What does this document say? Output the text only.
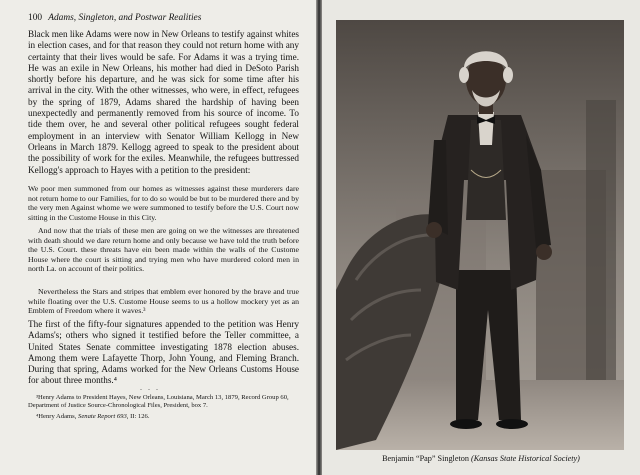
100 Adams, Singleton, and Postwar Realities

Black men like Adams were now in New Orleans to testify against whites in election cases, and for that reason they could not return home with any certainty that their lives would be safe. For Adams it was a trying time. He was an exile in New Orleans, his mother had died in DeSoto Parish shortly before his departure, and he was sick for some time after his arrival in the city. With the other witnesses, who were, in effect, refugees by the spring of 1879, Adams shared the hardship of having been unexpectedly and permanently removed from his source of income. To tide them over, he and several other political refugees sought federal employment in an interview with Senator William Kellogg in New Orleans in March 1879. Kellogg agreed to speak to the president about the possibility of work for the exiles. Meanwhile, the refugees buttressed Kellogg's approach to Hayes with a petition to the president:

We poor men summoned from our homes as witnesses against these murderers dare not return home to our Families, for to do so would be but to be murdered there and by the very men Against whome we were summoned to testify before the U.S. Court now sitting in the Custome House in this City.

And now that the trials of these men are going on we the witnesses are threatened with death should we dare return home and only because we have told the truth before the U.S. Court. these threats have ein been made within the walls of the Custome House where the court is sitting and trying men who have murdered colord men in north La. on account of their politics.

Nevertheless the Stars and stripes that emblem ever honored by the brave and true while floating over the U.S. Custome House seems to us a hollow mockery yet as an Emblem of Freedom where it waves.³

The first of the fifty-four signatures appended to the petition was Henry Adams's; others who signed it testified before the Teller committee, a United States Senate committee investigating 1878 election abuses. Among them were Lafayette Thorp, John Young, and Fleming Branch. During that spring, Adams worked for the New Orleans Customs House for about three months.⁴

. . .

³Henry Adams to President Hayes, New Orleans, Louisiana, March 13, 1879, Record Group 60, Department of Justice Source-Chronological Files, President, box 7.

⁴Henry Adams, Senate Report 693, II: 126.

Benjamin “Pap” Singleton (Kansas State Historical Society)
